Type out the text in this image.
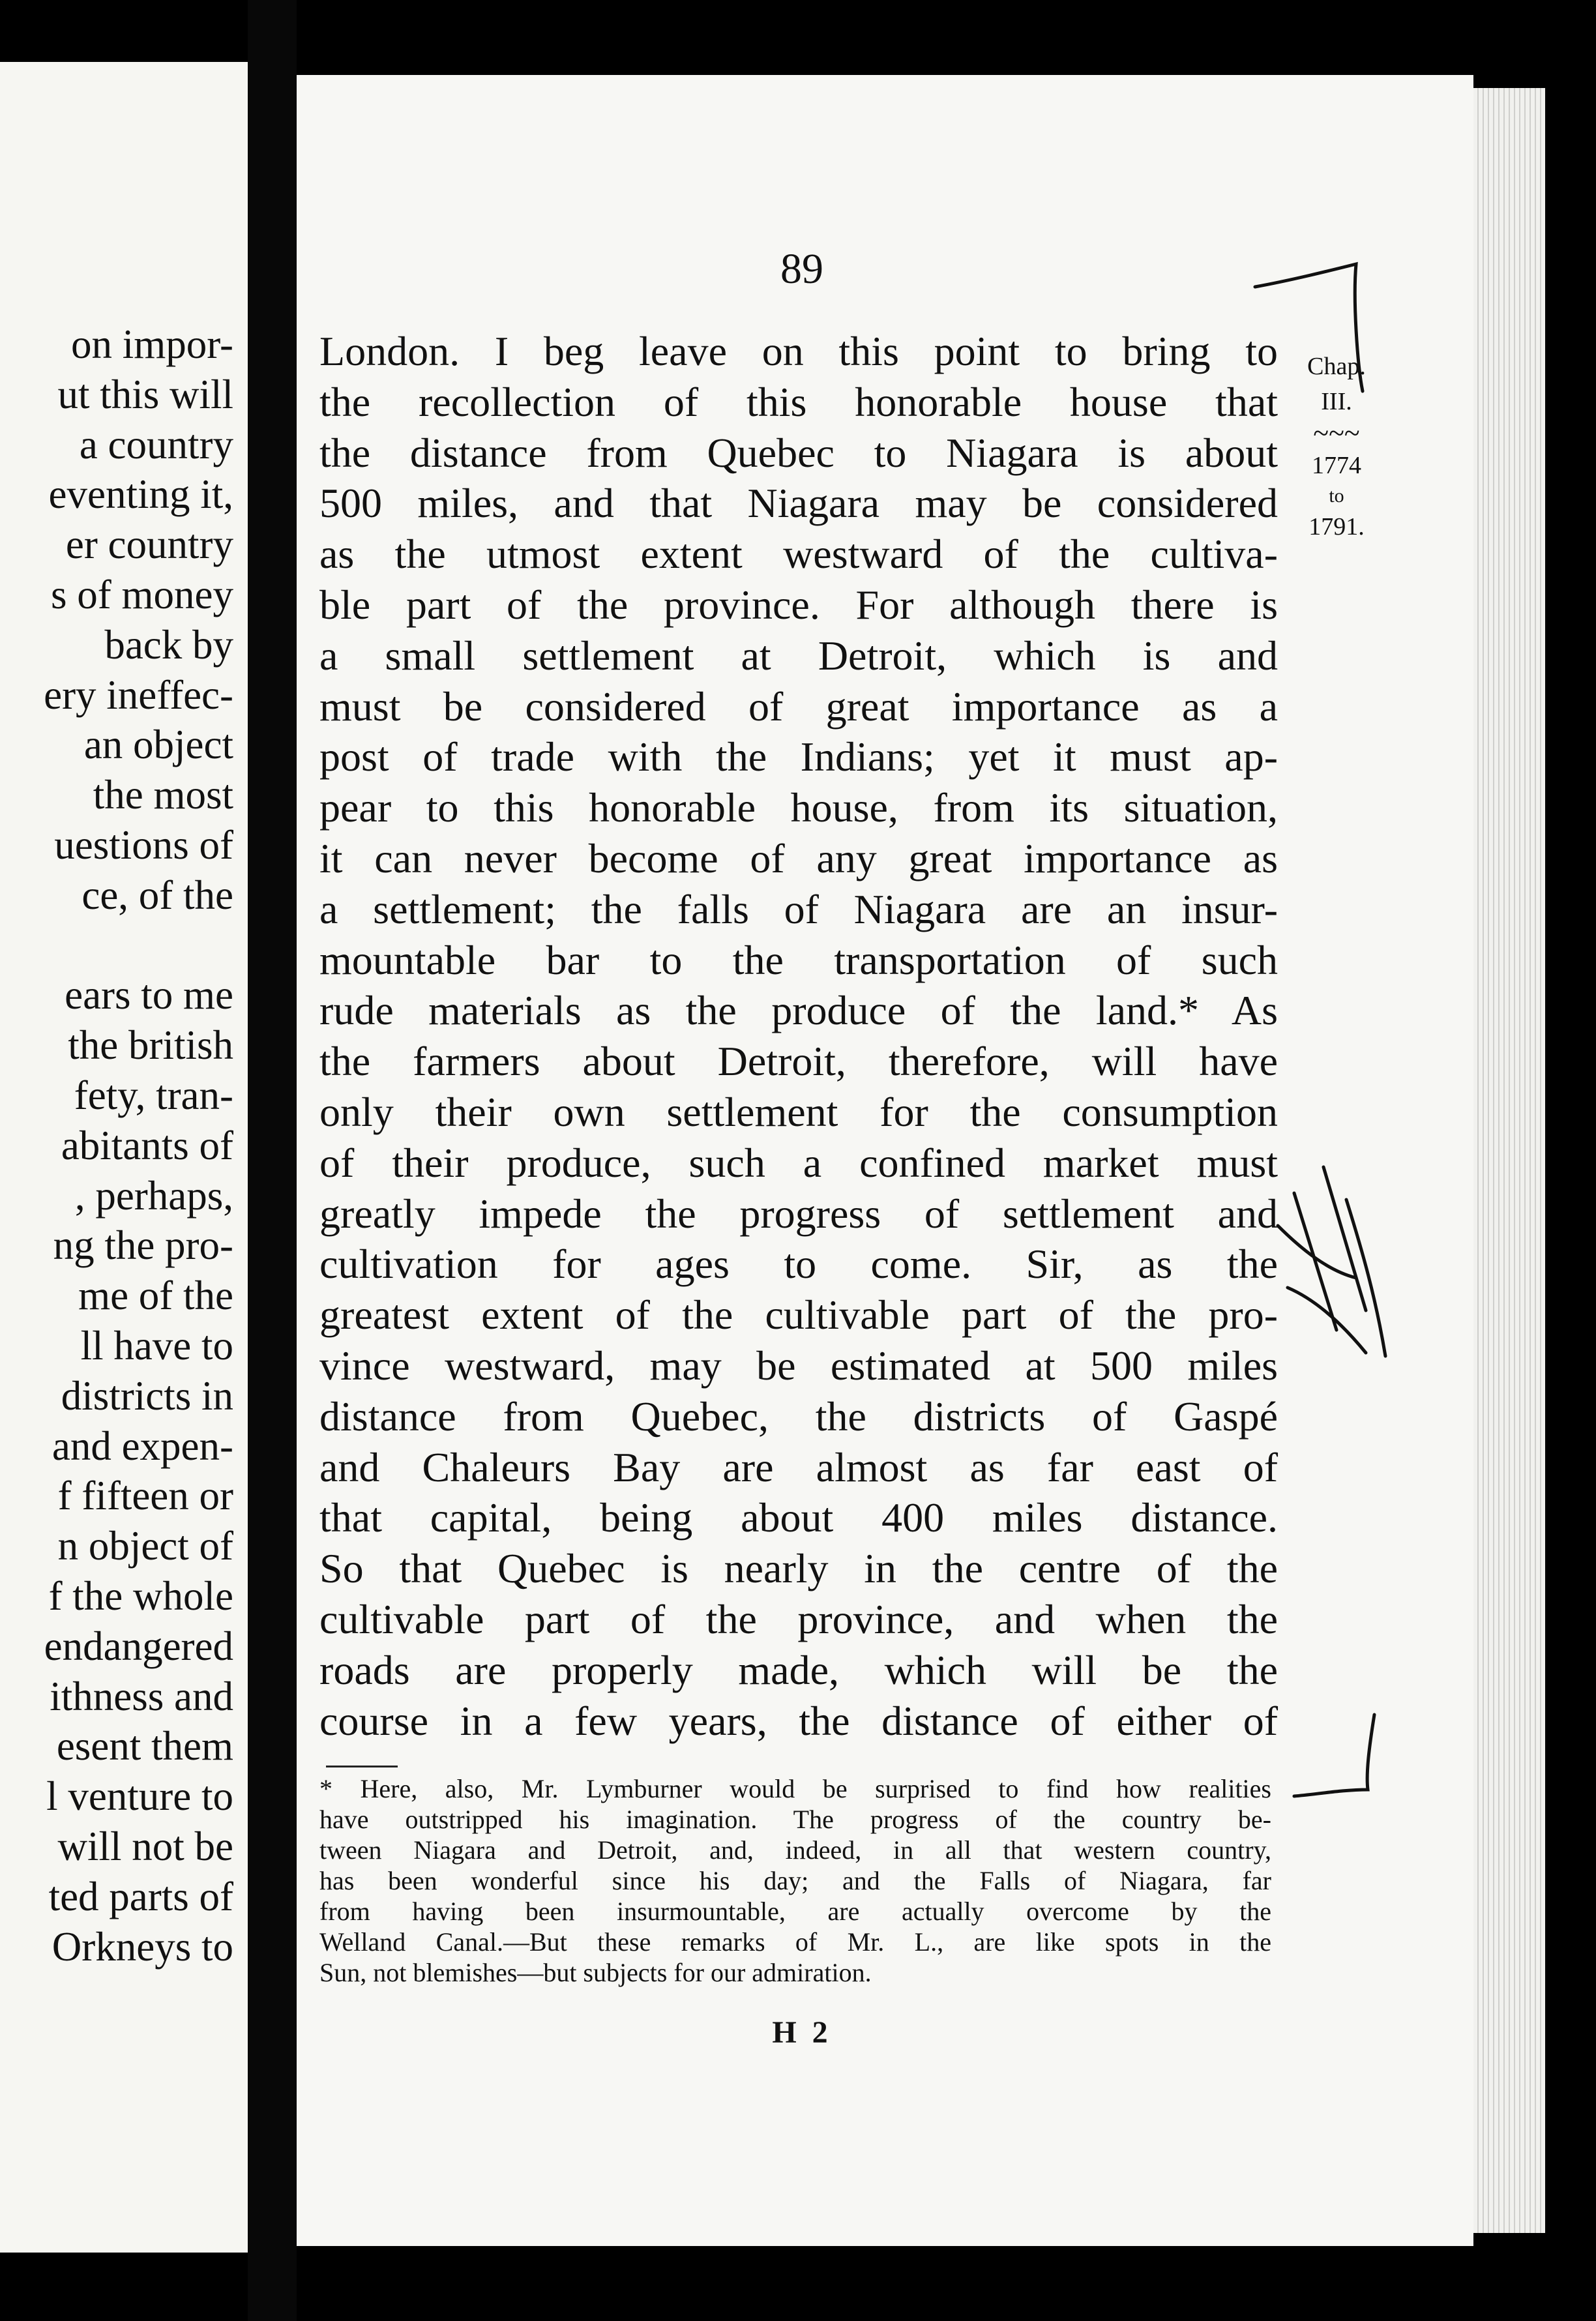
on impor-
ut this will
a country
eventing it,
er country
s of money
back by
ery ineffec-
an object
the most
uestions of
ce, of the

ears to me
the british
fety, tran-
abitants of
, perhaps,
ng the pro-
me of the
ll have to
districts in
and expen-
f fifteen or
n object of
f the whole
endangered
ithness and
esent them
l venture to
will not be
ted parts of
Orkneys to
89
London. I beg leave on this point to bring to
the recollection of this honorable house that
the distance from Quebec to Niagara is about
500 miles, and that Niagara may be considered
as the utmost extent westward of the cultiva-
ble part of the province. For although there is
a small settlement at Detroit, which is and
must be considered of great importance as a
post of trade with the Indians; yet it must ap-
pear to this honorable house, from its situation,
it can never become of any great importance as
a settlement; the falls of Niagara are an insur-
mountable bar to the transportation of such
rude materials as the produce of the land.* As
the farmers about Detroit, therefore, will have
only their own settlement for the consumption
of their produce, such a confined market must
greatly impede the progress of settlement and
cultivation for ages to come. Sir, as the
greatest extent of the cultivable part of the pro-
vince westward, may be estimated at 500 miles
distance from Quebec, the districts of Gaspé
and Chaleurs Bay are almost as far east of
that capital, being about 400 miles distance.
So that Quebec is nearly in the centre of the
cultivable part of the province, and when the
roads are properly made, which will be the
course in a few years, the distance of either of
Chap.
III.
~~~
1774
to
1791.
* Here, also, Mr. Lymburner would be surprised to find how realities
have outstripped his imagination. The progress of the country be-
tween Niagara and Detroit, and, indeed, in all that western country,
has been wonderful since his day; and the Falls of Niagara, far
from having been insurmountable, are actually overcome by the
Welland Canal.—But these remarks of Mr. L., are like spots in the
Sun, not blemishes—but subjects for our admiration.
H 2
